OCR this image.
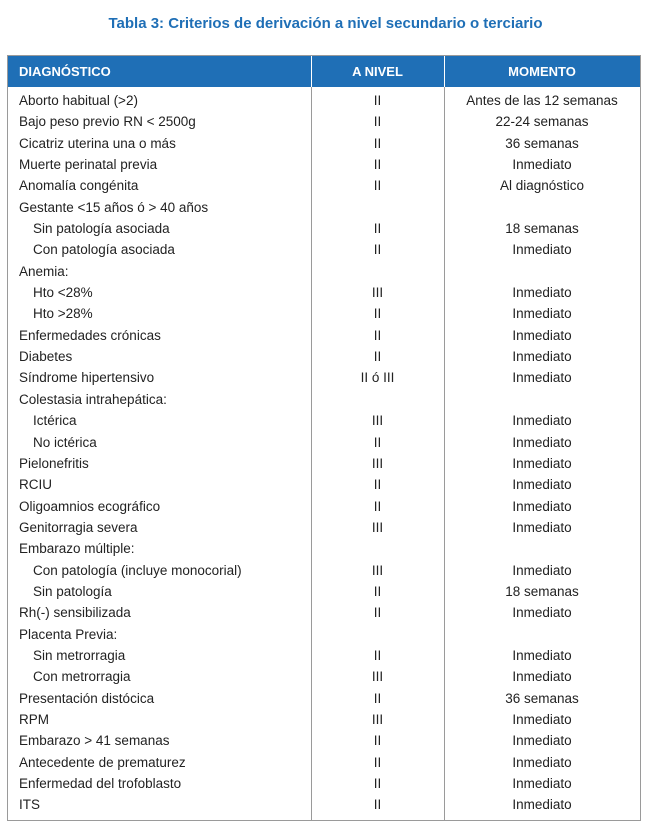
Tabla 3: Criterios de derivación a nivel secundario o terciario
DIAGNÓSTICO	A NIVEL	MOMENTO
Aborto habitual (>2)	II	Antes de las 12 semanas
Bajo peso previo RN < 2500g	II	22-24 semanas
Cicatriz uterina una o más	II	36 semanas
Muerte perinatal previa	II	Inmediato
Anomalía congénita	II	Al diagnóstico
Gestante <15 años ó > 40 años
Sin patología asociada	II	18 semanas
Con patología asociada	II	Inmediato
Anemia:
Hto <28%	III	Inmediato
Hto >28%	II	Inmediato
Enfermedades crónicas	II	Inmediato
Diabetes	II	Inmediato
Síndrome hipertensivo	II ó III	Inmediato
Colestasia intrahepática:
Ictérica	III	Inmediato
No ictérica	II	Inmediato
Pielonefritis	III	Inmediato
RCIU	II	Inmediato
Oligoamnios ecográfico	II	Inmediato
Genitorragia severa	III	Inmediato
Embarazo múltiple:
Con patología (incluye monocorial)	III	Inmediato
Sin patología	II	18 semanas
Rh(-) sensibilizada	II	Inmediato
Placenta Previa:
Sin metrorragia	II	Inmediato
Con metrorragia	III	Inmediato
Presentación distócica	II	36 semanas
RPM	III	Inmediato
Embarazo > 41 semanas	II	Inmediato
Antecedente de prematurez	II	Inmediato
Enfermedad del trofoblasto	II	Inmediato
ITS	II	Inmediato
